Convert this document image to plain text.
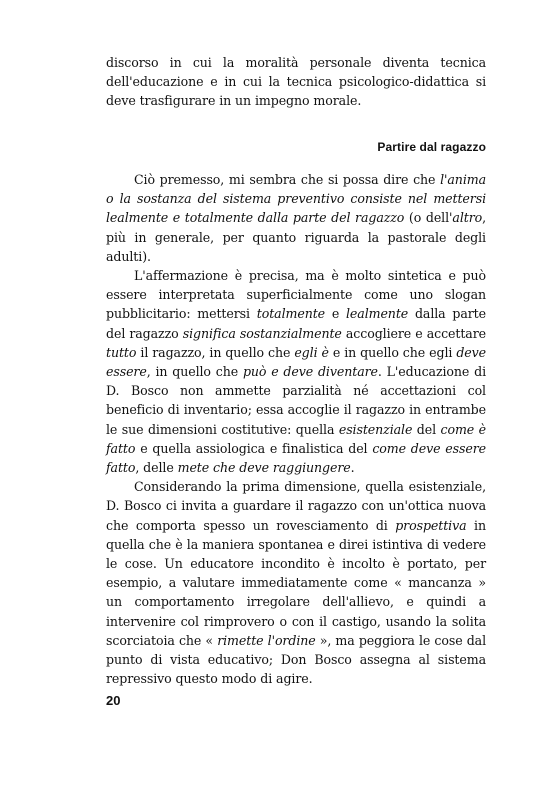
discorso in cui la moralità personale diventa tecnica dell'educazione e in cui la tecnica psicologico-didattica si deve trasfigurare in un impegno morale.

Partire dal ragazzo

Ciò premesso, mi sembra che si possa dire che l'anima o la sostanza del sistema preventivo consiste nel mettersi lealmente e totalmente dalla parte del ragazzo (o dell'altro, più in generale, per quanto riguarda la pastorale degli adulti).

L'affermazione è precisa, ma è molto sintetica e può essere interpretata superficialmente come uno slogan pubblicitario: mettersi totalmente e lealmente dalla parte del ragazzo significa sostanzialmente accogliere e accettare tutto il ragazzo, in quello che egli è e in quello che egli deve essere, in quello che può e deve diventare. L'educazione di D. Bosco non ammette parzialità né accettazioni col beneficio di inventario; essa accoglie il ragazzo in entrambe le sue dimensioni costitutive: quella esistenziale del come è fatto e quella assiologica e finalistica del come deve essere fatto, delle mete che deve raggiungere.

Considerando la prima dimensione, quella esistenziale, D. Bosco ci invita a guardare il ragazzo con un'ottica nuova che comporta spesso un rovesciamento di prospettiva in quella che è la maniera spontanea e direi istintiva di vedere le cose. Un educatore incondito è incolto è portato, per esempio, a valutare immediatamente come « mancanza » un comportamento irregolare dell'allievo, e quindi a intervenire col rimprovero o con il castigo, usando la solita scorciatoia che « rimette l'ordine », ma peggiora le cose dal punto di vista educativo; Don Bosco assegna al sistema repressivo questo modo di agire.

20
